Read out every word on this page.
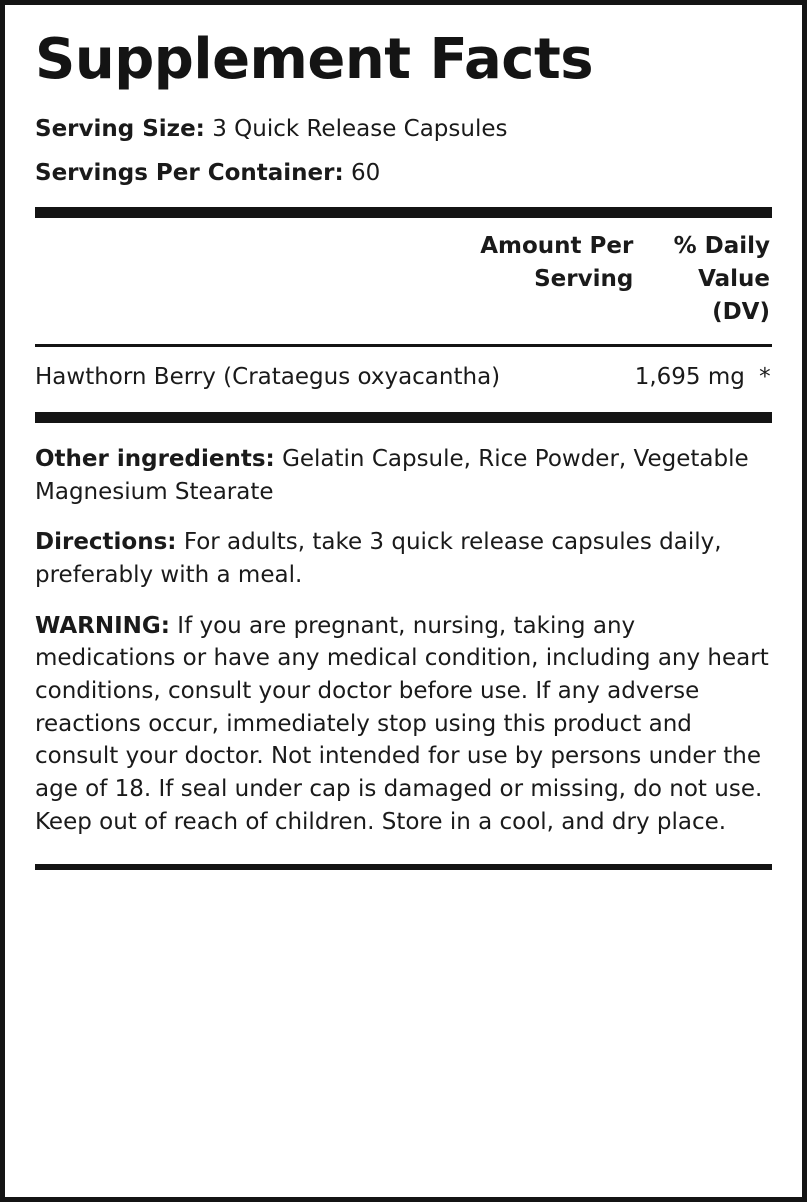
Supplement Facts
Serving Size: 3 Quick Release Capsules
Servings Per Container: 60
	Amount Per Serving	% Daily Value (DV)
Hawthorn Berry (Crataegus oxyacantha)	1,695 mg	*

Other ingredients: Gelatin Capsule, Rice Powder, Vegetable Magnesium Stearate

Directions: For adults, take 3 quick release capsules daily, preferably with a meal.

WARNING: If you are pregnant, nursing, taking any medications or have any medical condition, including any heart conditions, consult your doctor before use. If any adverse reactions occur, immediately stop using this product and consult your doctor. Not intended for use by persons under the age of 18. If seal under cap is damaged or missing, do not use. Keep out of reach of children. Store in a cool, and dry place.
